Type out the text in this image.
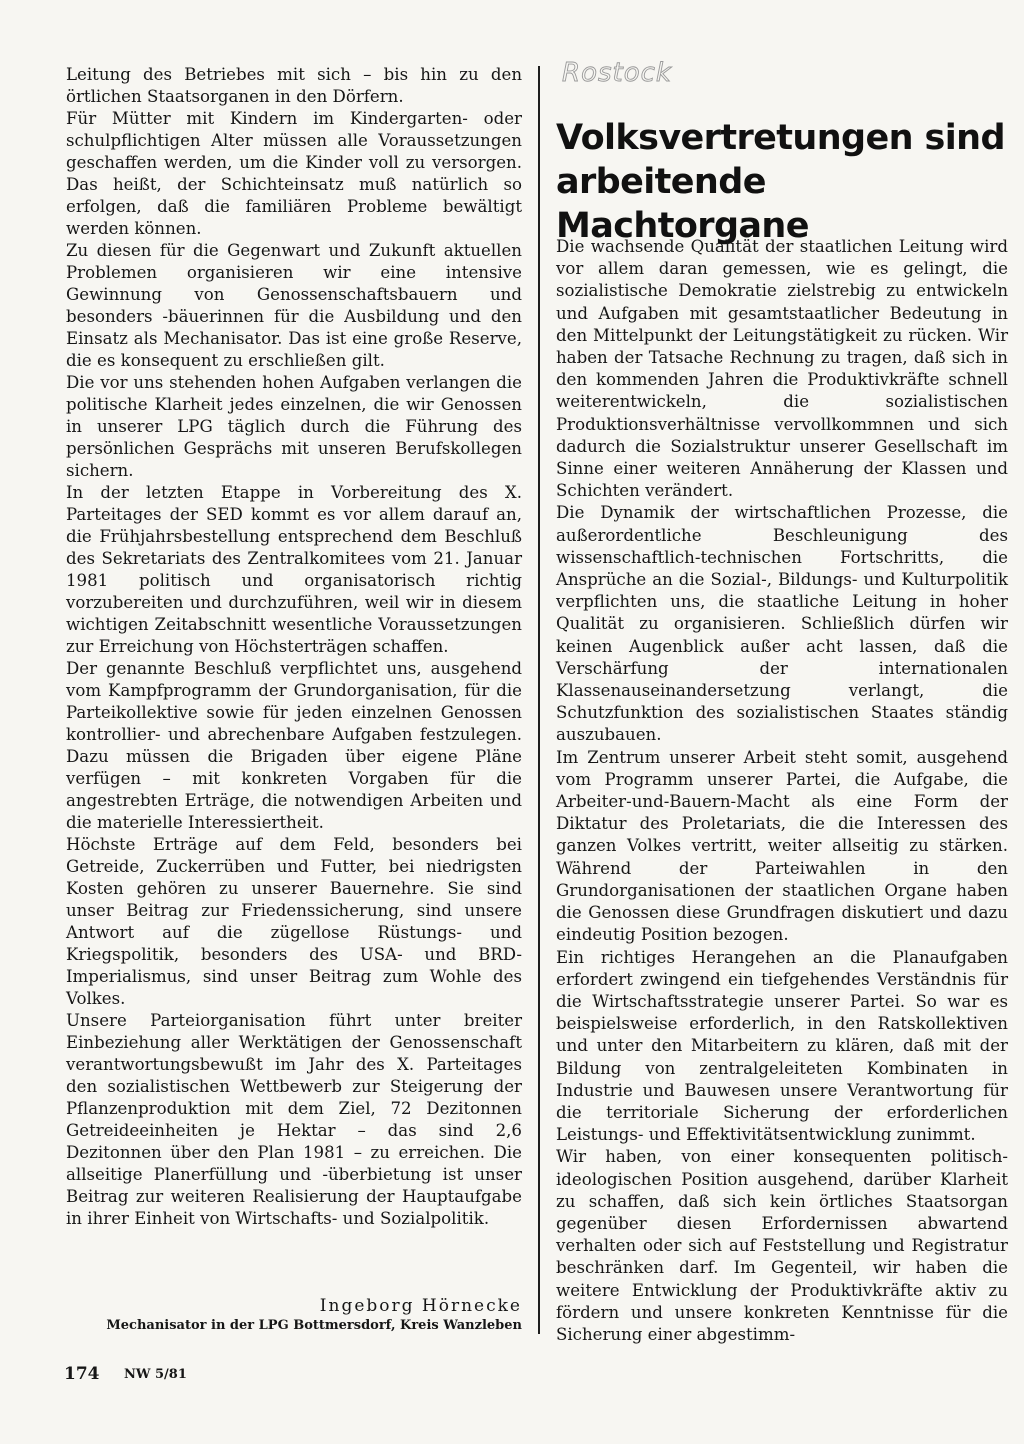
Leitung des Betriebes mit sich – bis hin zu den örtlichen Staatsorganen in den Dörfern.

Für Mütter mit Kindern im Kindergarten- oder schulpflichtigen Alter müssen alle Voraussetzungen geschaffen werden, um die Kinder voll zu versorgen. Das heißt, der Schichteinsatz muß natürlich so erfolgen, daß die familiären Probleme bewältigt werden können.

Zu diesen für die Gegenwart und Zukunft aktuellen Problemen organisieren wir eine intensive Gewinnung von Genossenschaftsbauern und besonders -bäuerinnen für die Ausbildung und den Einsatz als Mechanisator. Das ist eine große Reserve, die es konsequent zu erschließen gilt.

Die vor uns stehenden hohen Aufgaben verlangen die politische Klarheit jedes einzelnen, die wir Genossen in unserer LPG täglich durch die Führung des persönlichen Gesprächs mit unseren Berufskollegen sichern.

In der letzten Etappe in Vorbereitung des X. Parteitages der SED kommt es vor allem darauf an, die Frühjahrsbestellung entsprechend dem Beschluß des Sekretariats des Zentralkomitees vom 21. Januar 1981 politisch und organisatorisch richtig vorzubereiten und durchzuführen, weil wir in diesem wichtigen Zeitabschnitt wesentliche Voraussetzungen zur Erreichung von Höchsterträgen schaffen.

Der genannte Beschluß verpflichtet uns, ausgehend vom Kampfprogramm der Grundorganisation, für die Parteikollektive sowie für jeden einzelnen Genossen kontrollier- und abrechenbare Aufgaben festzulegen. Dazu müssen die Brigaden über eigene Pläne verfügen – mit konkreten Vorgaben für die angestrebten Erträge, die notwendigen Arbeiten und die materielle Interessiertheit.

Höchste Erträge auf dem Feld, besonders bei Getreide, Zuckerrüben und Futter, bei niedrigsten Kosten gehören zu unserer Bauernehre. Sie sind unser Beitrag zur Friedenssicherung, sind unsere Antwort auf die zügellose Rüstungs- und Kriegspolitik, besonders des USA- und BRD-Imperialismus, sind unser Beitrag zum Wohle des Volkes.

Unsere Parteiorganisation führt unter breiter Einbeziehung aller Werktätigen der Genossenschaft verantwortungsbewußt im Jahr des X. Parteitages den sozialistischen Wettbewerb zur Steigerung der Pflanzenproduktion mit dem Ziel, 72 Dezitonnen Getreideeinheiten je Hektar – das sind 2,6 Dezitonnen über den Plan 1981 – zu erreichen. Die allseitige Planerfüllung und -überbietung ist unser Beitrag zur weiteren Realisierung der Hauptaufgabe in ihrer Einheit von Wirtschafts- und Sozialpolitik.

Ingeborg Hörnecke
Mechanisator in der LPG Bottmersdorf, Kreis Wanzleben
Rostock
Volksvertretungen sind arbeitende Machtorgane

Die wachsende Qualität der staatlichen Leitung wird vor allem daran gemessen, wie es gelingt, die sozialistische Demokratie zielstrebig zu entwickeln und Aufgaben mit gesamtstaatlicher Bedeutung in den Mittelpunkt der Leitungstätigkeit zu rücken. Wir haben der Tatsache Rechnung zu tragen, daß sich in den kommenden Jahren die Produktivkräfte schnell weiterentwickeln, die sozialistischen Produktionsverhältnisse vervollkommnen und sich dadurch die Sozialstruktur unserer Gesellschaft im Sinne einer weiteren Annäherung der Klassen und Schichten verändert.

Die Dynamik der wirtschaftlichen Prozesse, die außerordentliche Beschleunigung des wissenschaftlich-technischen Fortschritts, die Ansprüche an die Sozial-, Bildungs- und Kulturpolitik verpflichten uns, die staatliche Leitung in hoher Qualität zu organisieren. Schließlich dürfen wir keinen Augenblick außer acht lassen, daß die Verschärfung der internationalen Klassenauseinandersetzung verlangt, die Schutzfunktion des sozialistischen Staates ständig auszubauen.

Im Zentrum unserer Arbeit steht somit, ausgehend vom Programm unserer Partei, die Aufgabe, die Arbeiter-und-Bauern-Macht als eine Form der Diktatur des Proletariats, die die Interessen des ganzen Volkes vertritt, weiter allseitig zu stärken. Während der Parteiwahlen in den Grundorganisationen der staatlichen Organe haben die Genossen diese Grundfragen diskutiert und dazu eindeutig Position bezogen.

Ein richtiges Herangehen an die Planaufgaben erfordert zwingend ein tiefgehendes Verständnis für die Wirtschaftsstrategie unserer Partei. So war es beispielsweise erforderlich, in den Ratskollektiven und unter den Mitarbeitern zu klären, daß mit der Bildung von zentralgeleiteten Kombinaten in Industrie und Bauwesen unsere Verantwortung für die territoriale Sicherung der erforderlichen Leistungs- und Effektivitätsentwicklung zunimmt.

Wir haben, von einer konsequenten politisch-ideologischen Position ausgehend, darüber Klarheit zu schaffen, daß sich kein örtliches Staatsorgan gegenüber diesen Erfordernissen abwartend verhalten oder sich auf Feststellung und Registratur beschränken darf. Im Gegenteil, wir haben die weitere Entwicklung der Produktivkräfte aktiv zu fördern und unsere konkreten Kenntnisse für die Sicherung einer abgestimm-

174 NW 5/81
